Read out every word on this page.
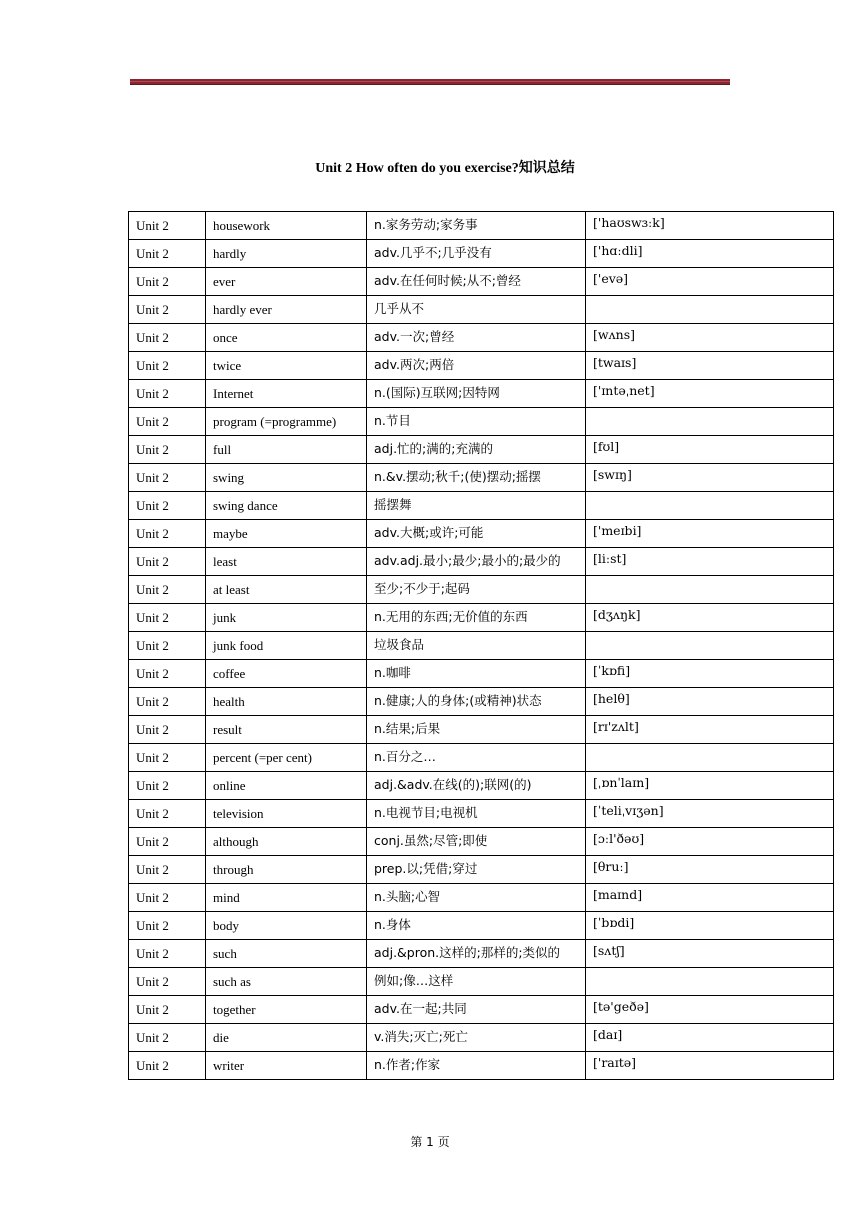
Unit 2 How often do you exercise?知识总结
Unit 2	housework	n.家务劳动;家务事	['haʊswɜːk]
Unit 2	hardly	adv.几乎不;几乎没有	['hɑːdli]
Unit 2	ever	adv.在任何时候;从不;曾经	['evə]
Unit 2	hardly ever	几乎从不	
Unit 2	once	adv.一次;曾经	[wʌns]
Unit 2	twice	adv.两次;两倍	[twaɪs]
Unit 2	Internet	n.(国际)互联网;因特网	['ɪntəˌnet]
Unit 2	program (=programme)	n.节目	
Unit 2	full	adj.忙的;满的;充满的	[fʊl]
Unit 2	swing	n.&v.摆动;秋千;(使)摆动;摇摆	[swɪŋ]
Unit 2	swing dance	摇摆舞	
Unit 2	maybe	adv.大概;或许;可能	['meɪbi]
Unit 2	least	adv.adj.最小;最少;最小的;最少的	[liːst]
Unit 2	at least	至少;不少于;起码	
Unit 2	junk	n.无用的东西;无价值的东西	[dʒʌŋk]
Unit 2	junk food	垃圾食品	
Unit 2	coffee	n.咖啡	[ˈkɒfi]
Unit 2	health	n.健康;人的身体;(或精神)状态	[helθ]
Unit 2	result	n.结果;后果	[rɪ'zʌlt]
Unit 2	percent (=per cent)	n.百分之…	
Unit 2	online	adj.&adv.在线(的);联网(的)	[ˌɒnˈlaɪn]
Unit 2	television	n.电视节目;电视机	[ˈteliˌvɪʒən]
Unit 2	although	conj.虽然;尽管;即使	[ɔːl'ðəʊ]
Unit 2	through	prep.以;凭借;穿过	[θruː]
Unit 2	mind	n.头脑;心智	[maɪnd]
Unit 2	body	n.身体	[ˈbɒdi]
Unit 2	such	adj.&pron.这样的;那样的;类似的	[sʌtʃ]
Unit 2	such as	例如;像…这样	
Unit 2	together	adv.在一起;共同	[tə'geðə]
Unit 2	die	v.消失;灭亡;死亡	[daɪ]
Unit 2	writer	n.作者;作家	['raɪtə]
第 1 页
